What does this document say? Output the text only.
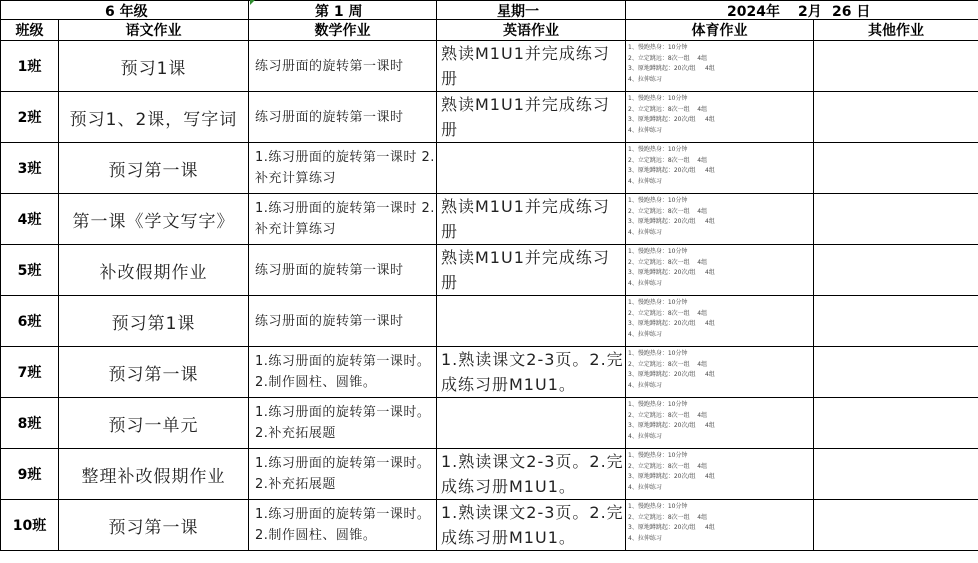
6 年级		第 1 周	星期一	2024年 2月 26 日	

班级	语文作业	数学作业	英语作业	体育作业	其他作业
1班	预习1课	练习册面的旋转第一课时	熟读M1U1并完成练习册	1、慢跑热身：10分钟
2、立定跳远：8次一组    4组
3、原地蹲跳起：20次/组     4组
4、拉伸练习	

2班	预习1、2课，写字词	练习册面的旋转第一课时	熟读M1U1并完成练习册	1、慢跑热身：10分钟
2、立定跳远：8次一组    4组
3、原地蹲跳起：20次/组     4组
4、拉伸练习	

3班	预习第一课	1.练习册面的旋转第一课时 2.补充计算练习		1、慢跑热身：10分钟
2、立定跳远：8次一组    4组
3、原地蹲跳起：20次/组     4组
4、拉伸练习	

4班	第一课《学文写字》	1.练习册面的旋转第一课时 2.补充计算练习	熟读M1U1并完成练习册	1、慢跑热身：10分钟
2、立定跳远：8次一组    4组
3、原地蹲跳起：20次/组     4组
4、拉伸练习	

5班	补改假期作业	练习册面的旋转第一课时	熟读M1U1并完成练习册	1、慢跑热身：10分钟
2、立定跳远：8次一组    4组
3、原地蹲跳起：20次/组     4组
4、拉伸练习	

6班	预习第1课	练习册面的旋转第一课时		1、慢跑热身：10分钟
2、立定跳远：8次一组    4组
3、原地蹲跳起：20次/组     4组
4、拉伸练习	

7班	预习第一课	1.练习册面的旋转第一课时。2.制作圆柱、圆锥。	1.熟读课文2-3页。2.完成练习册M1U1。	1、慢跑热身：10分钟
2、立定跳远：8次一组    4组
3、原地蹲跳起：20次/组     4组
4、拉伸练习	

8班	预习一单元	1.练习册面的旋转第一课时。2.补充拓展题		1、慢跑热身：10分钟
2、立定跳远：8次一组    4组
3、原地蹲跳起：20次/组     4组
4、拉伸练习	

9班	整理补改假期作业	1.练习册面的旋转第一课时。2.补充拓展题	1.熟读课文2-3页。2.完成练习册M1U1。	1、慢跑热身：10分钟
2、立定跳远：8次一组    4组
3、原地蹲跳起：20次/组     4组
4、拉伸练习	

10班	预习第一课	1.练习册面的旋转第一课时。2.制作圆柱、圆锥。	1.熟读课文2-3页。2.完成练习册M1U1。	1、慢跑热身：10分钟
2、立定跳远：8次一组    4组
3、原地蹲跳起：20次/组     4组
4、拉伸练习	
